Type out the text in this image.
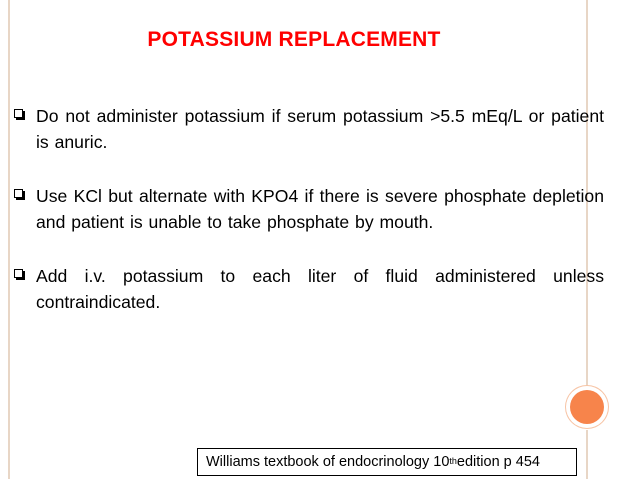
POTASSIUM REPLACEMENT
Do not administer potassium if serum potassium >5.5 mEq/L or patient is anuric.
Use KCl but alternate with KPO4 if there is severe phosphate depletion and patient is unable to take phosphate by mouth.
Add i.v. potassium to each liter of fluid administered unless contraindicated.
Williams textbook of endocrinology 10th edition p 454
